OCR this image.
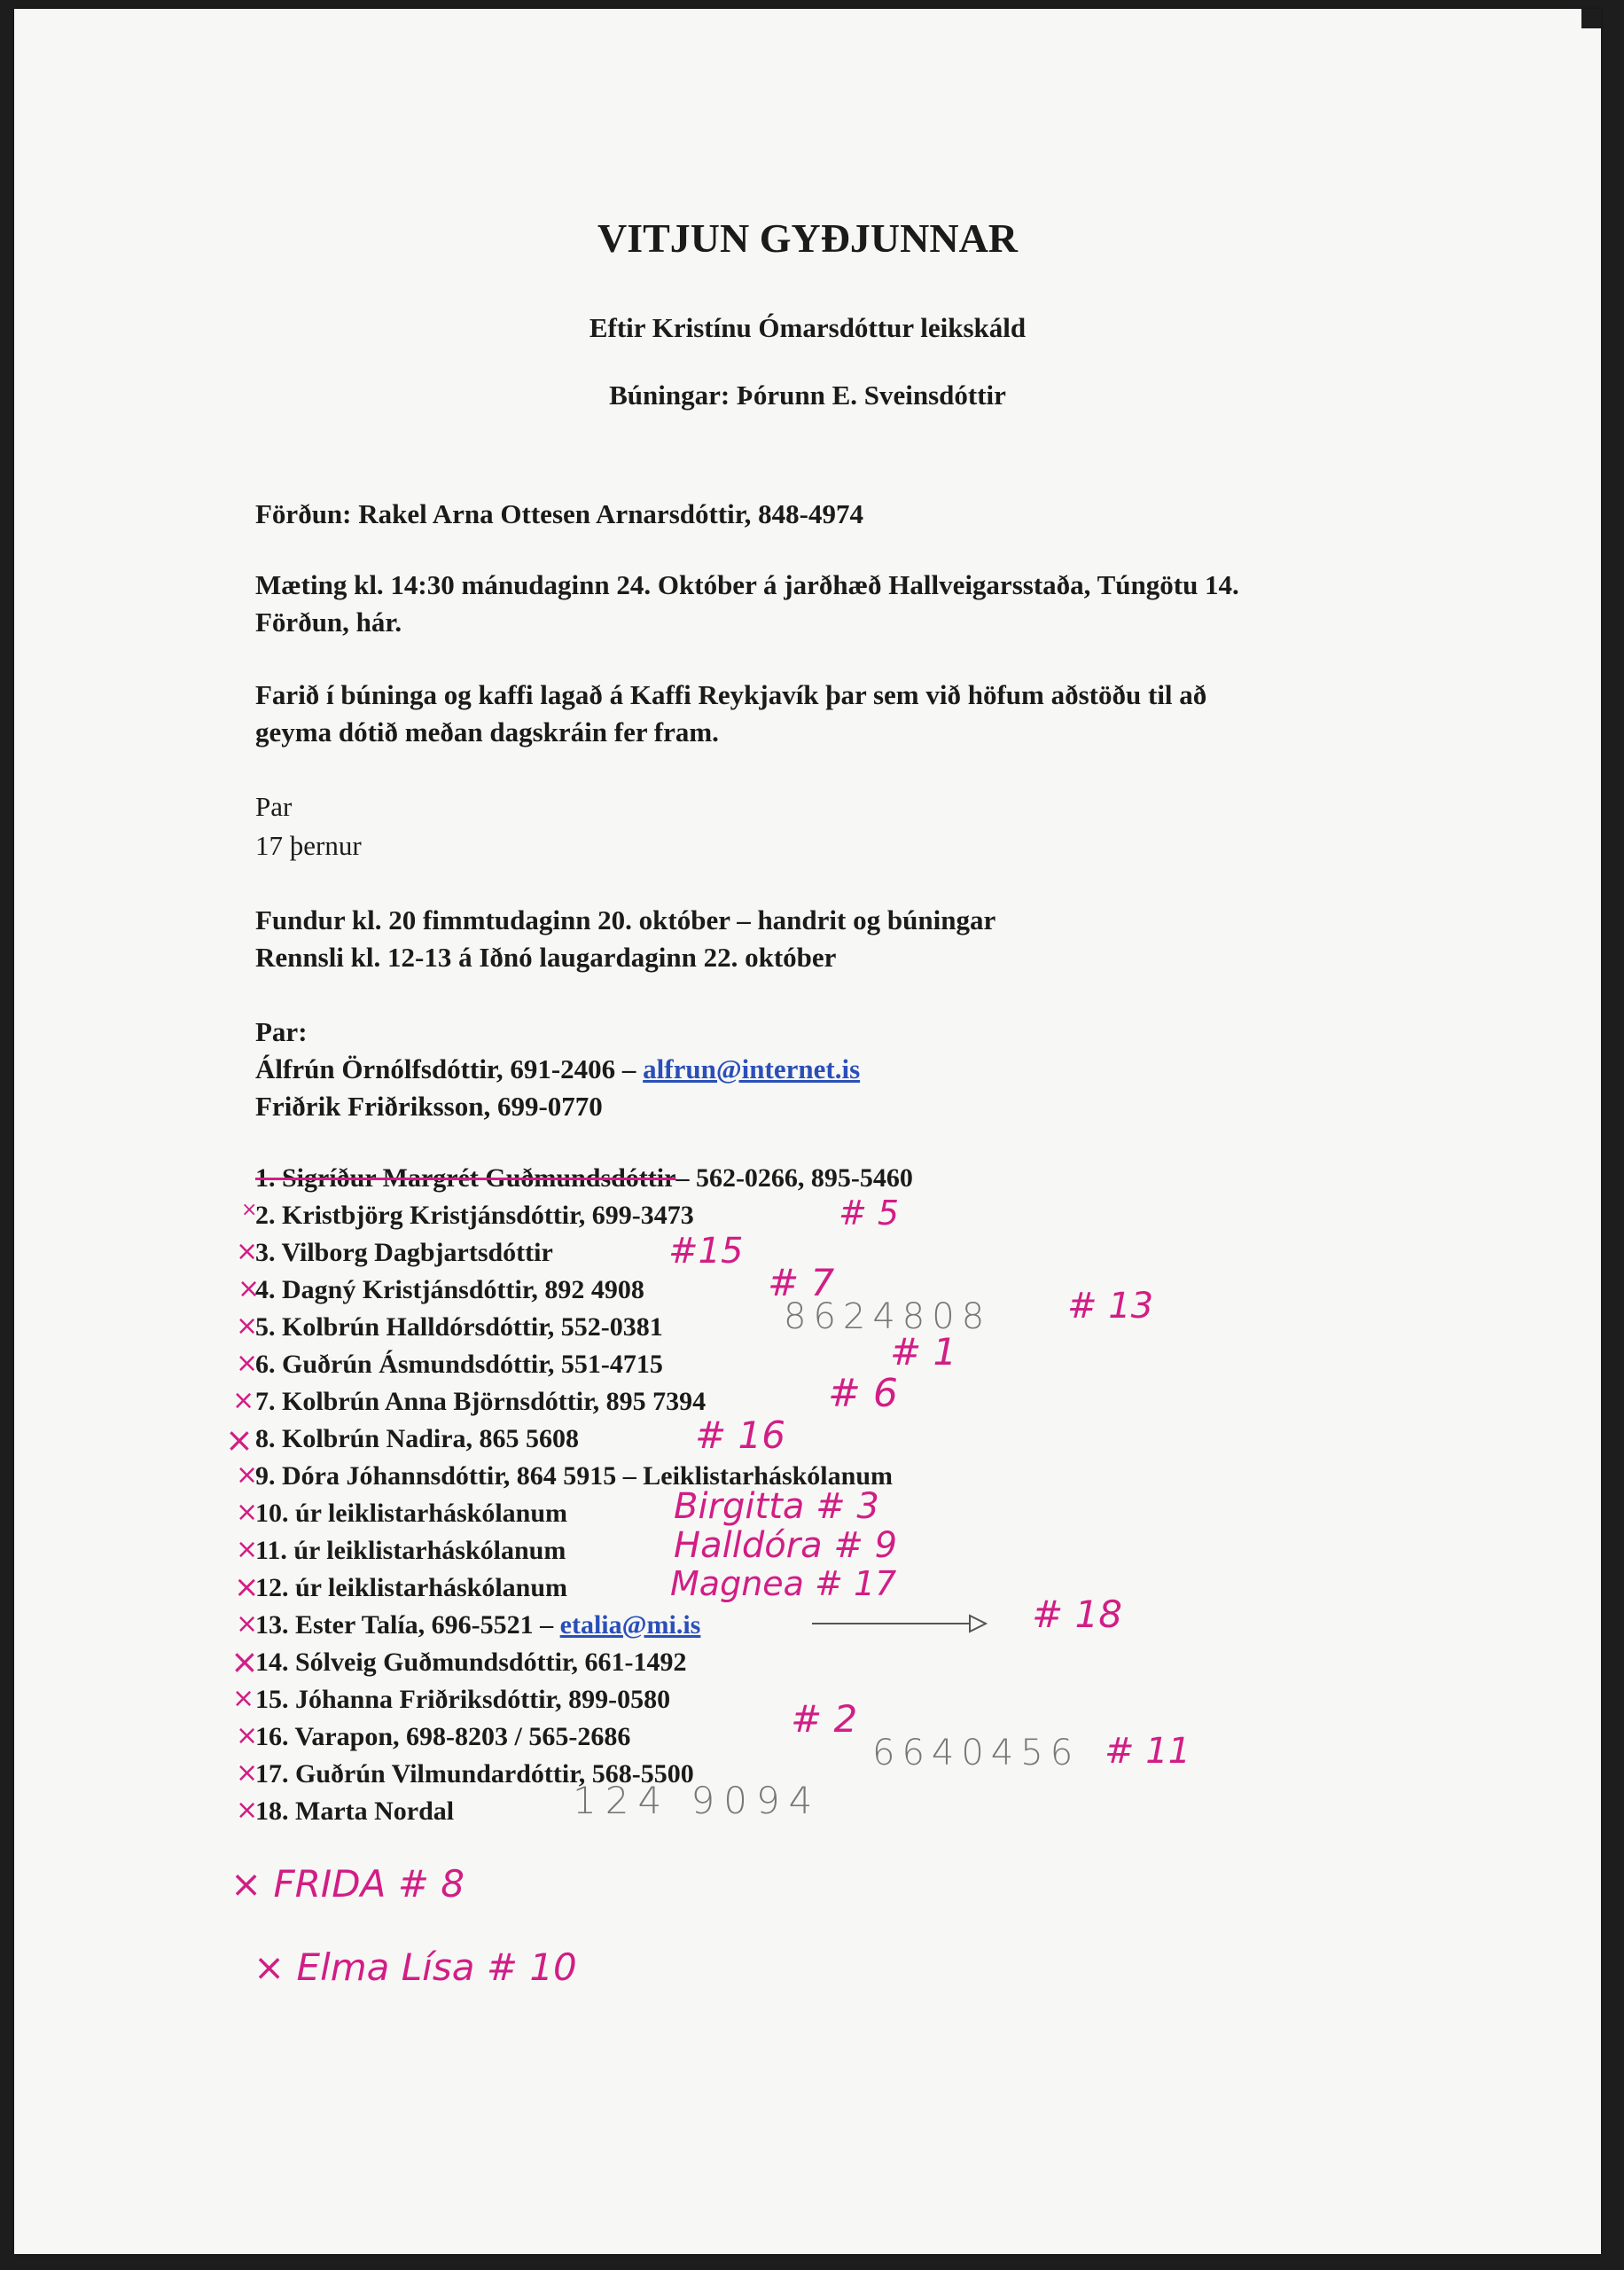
VITJUN GYÐJUNNAR
Eftir Kristínu Ómarsdóttur leikskáld
Búningar: Þórunn E. Sveinsdóttir
Förðun: Rakel Arna Ottesen Arnarsdóttir, 848-4974
Mæting kl. 14:30 mánudaginn 24. Október á jarðhæð Hallveigarsstaða, Túngötu 14.
Förðun, hár.
Farið í búninga og kaffi lagað á Kaffi Reykjavík þar sem við höfum aðstöðu til að
geyma dótið meðan dagskráin fer fram.
Par
17 þernur
Fundur kl. 20 fimmtudaginn 20. október – handrit og búningar
Rennsli kl. 12-13 á Iðnó laugardaginn 22. október
Par:
Álfrún Örnólfsdóttir, 691-2406 – alfrun@internet.is
Friðrik Friðriksson, 699-0770
1. Sigríður Margrét Guðmundsdóttir– 562-0266, 895-5460
2. Kristbjörg Kristjánsdóttir, 699-3473
3. Vilborg Dagbjartsdóttir
4. Dagný Kristjánsdóttir, 892 4908
5. Kolbrún Halldórsdóttir, 552-0381
6. Guðrún Ásmundsdóttir, 551-4715
7. Kolbrún Anna Björnsdóttir, 895 7394
8. Kolbrún Nadira, 865 5608
9. Dóra Jóhannsdóttir, 864 5915 – Leiklistarháskólanum
10. úr leiklistarháskólanum
11. úr leiklistarháskólanum
12. úr leiklistarháskólanum
13. Ester Talía, 696-5521 – etalia@mi.is
14. Sólveig Guðmundsdóttir, 661-1492
15. Jóhanna Friðriksdóttir, 899-0580
16. Varapon, 698-8203 / 565-2686
17. Guðrún Vilmundardóttir, 568-5500
18. Marta Nordal
×
×
×
×
×
×
×
×
×
×
×
×
×
×
×
×
×
# 5
#15
# 7
8624808 # 13
# 1
# 6
# 16
Birgitta # 3
Halldóra # 9
Magnea # 17
# 18
# 2
6640456 # 11
124 9094
× FRIDA # 8
× Elma Lísa # 10
